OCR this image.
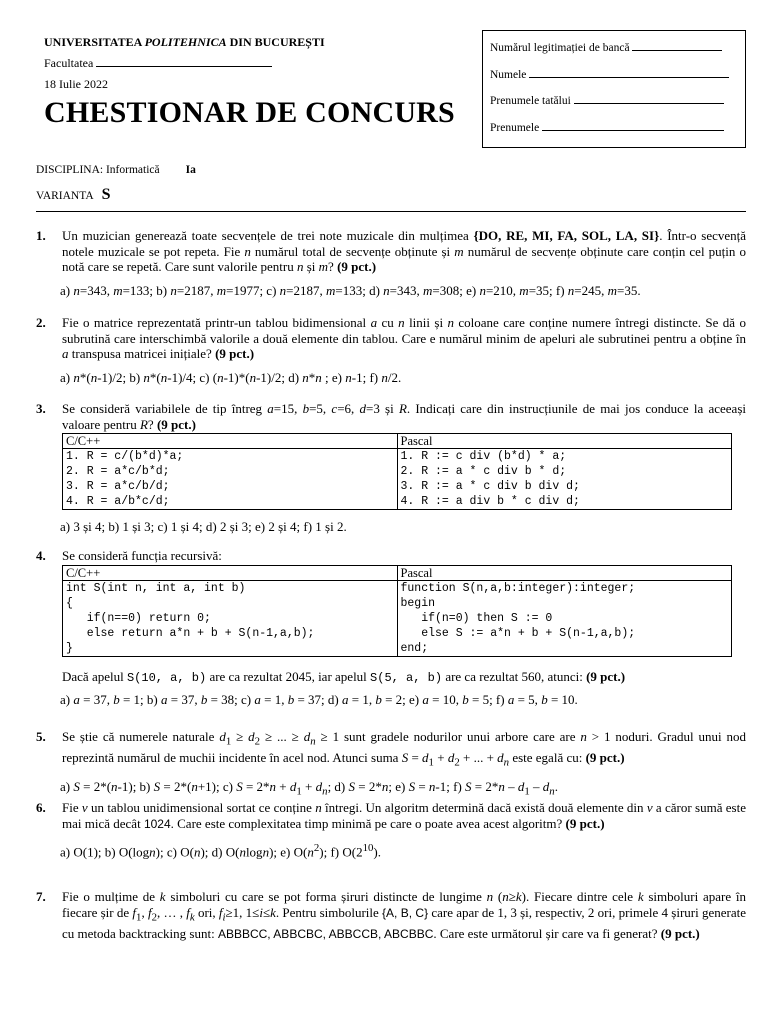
UNIVERSITATEA POLITEHNICA DIN BUCUREȘTI
Facultatea
18 Iulie 2022
CHESTIONAR DE CONCURS
Numărul legitimației de bancă
Numele
Prenumele tatălui
Prenumele
DISCIPLINA: Informatică Ia
VARIANTA S
1. Un muzician generează toate secvențele de trei note muzicale din mulțimea {DO, RE, MI, FA, SOL, LA, SI}. Într-o secvență notele muzicale se pot repeta. Fie n numărul total de secvențe obținute și m numărul de secvențe obținute care conțin cel puțin o notă care se repetă. Care sunt valorile pentru n și m? (9 pct.)
a) n=343, m=133; b) n=2187, m=1977; c) n=2187, m=133; d) n=343, m=308; e) n=210, m=35; f) n=245, m=35.
2. Fie o matrice reprezentată printr-un tablou bidimensional a cu n linii și n coloane care conține numere întregi distincte. Se dă o subrutină care interschimbă valorile a două elemente din tablou. Care e numărul minim de apeluri ale subrutinei pentru a obține în a transpusa matricei inițiale? (9 pct.)
a) n*(n-1)/2; b) n*(n-1)/4; c) (n-1)*(n-1)/2; d) n*n ; e) n-1; f) n/2.
3. Se consideră variabilele de tip întreg a=15, b=5, c=6, d=3 și R. Indicați care din instrucțiunile de mai jos conduce la aceeași valoare pentru R? (9 pct.)
C/C++	Pascal
1. R = c/(b*d)*a;
2. R = a*c/b*d;
3. R = a*c/b/d;
4. R = a/b*c/d;	1. R := c div (b*d) * a;
2. R := a * c div b * d;
3. R := a * c div b div d;
4. R := a div b * c div d;
a) 3 și 4; b) 1 și 3; c) 1 și 4; d) 2 și 3; e) 2 și 4; f) 1 și 2.
4. Se consideră funcția recursivă:
C/C++	Pascal
int S(int n, int a, int b)
{
if(n==0) return 0;
else return a*n + b + S(n-1,a,b);
}	function S(n,a,b:integer):integer;
begin
if(n=0) then S := 0
else S := a*n + b + S(n-1,a,b);
end;
Dacă apelul S(10, a, b) are ca rezultat 2045, iar apelul S(5, a, b) are ca rezultat 560, atunci: (9 pct.)
a) a = 37, b = 1; b) a = 37, b = 38; c) a = 1, b = 37; d) a = 1, b = 2; e) a = 10, b = 5; f) a = 5, b = 10.
5. Se știe că numerele naturale $d_1 \ge d_2$ ≥ ... ≥ $d_n \ge 1$ sunt gradele nodurilor unui arbore care are n > 1 noduri. Gradul unui nod reprezintă numărul de muchii incidente în acel nod. Atunci suma $S = d_1 + d_2$ + ... + $d_n$ este egală cu: (9 pct.)
a) S = 2*(n-1); b) S = 2*(n+1); c) $S = 2*n + d_1 + d_n$; d) S = 2*n; e) S = n-1; f) $S = 2*n - d_1 - d_n$.
6. Fie v un tablou unidimensional sortat ce conține n întregi. Un algoritm determină dacă există două elemente din v a căror sumă este mai mică decât 1024. Care este complexitatea timp minimă pe care o poate avea acest algoritm? (9 pct.)
a) O(1); b) O(logn); c) O(n); d) O(nlogn); e) $O(n^2)$; f) $O(2^{10})$.
7. Fie o mulțime de k simboluri cu care se pot forma șiruri distincte de lungime n (n≥k). Fiecare dintre cele k simboluri apare în fiecare șir de $f_1$, $f_2$, … , $f_k$ ori, $f_i\ge 1$, 1≤i≤k. Pentru simbolurile {A, B, C} care apar de 1, 3 și, respectiv, 2 ori, primele 4 șiruri generate cu metoda backtracking sunt: ABBBCC, ABBCBC, ABBCCB, ABCBBC. Care este următorul șir care va fi generat? (9 pct.)
